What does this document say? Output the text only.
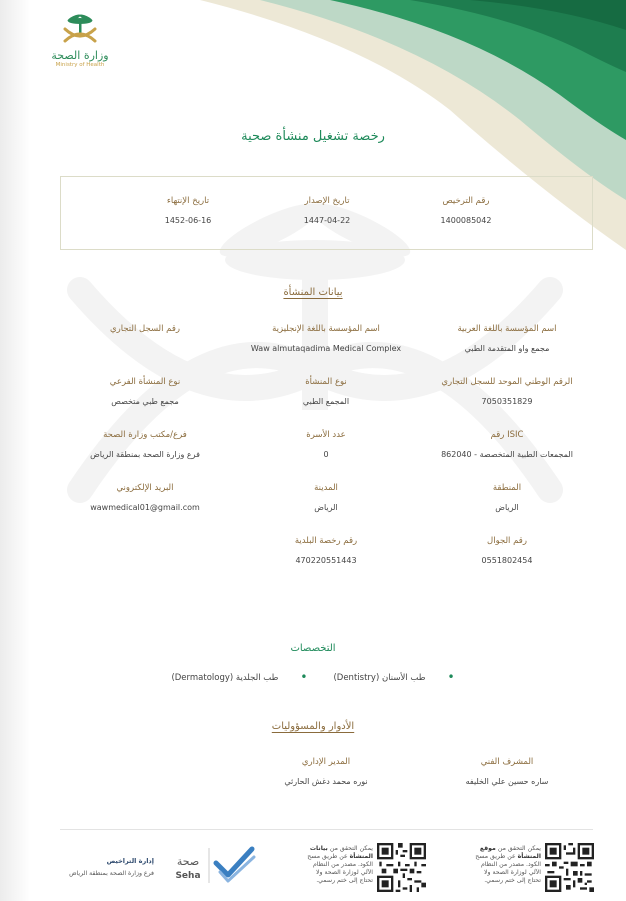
وزارة الصحة
Ministry of Health
رخصة تشغيل منشأة صحية
رقم الترخيص
1400085042
تاريخ الإصدار
1447-04-22
تاريخ الإنتهاء
1452-06-16
بيانات المنشأة
اسم المؤسسة باللغة العربية
مجمع واو المتقدمة الطبي
اسم المؤسسة باللغة الإنجليزية
Waw almutaqadima Medical Complex
رقم السجل التجاري
الرقم الوطني الموحد للسجل التجاري
7050351829
نوع المنشأة
المجمع الطبي
نوع المنشأة الفرعي
مجمع طبي متخصص
رقم ISIC
862040 - المجمعات الطبية المتخصصة
عدد الأسرة
0
فرع/مكتب وزارة الصحة
فرع وزارة الصحة بمنطقة الرياض
المنطقة
الرياض
المدينة
الرياض
البريد الإلكتروني
wawmedical01@gmail.com
رقم الجوال
0551802454
رقم رخصة البلدية
470220551443
التخصصات
• طب الأسنان (Dentistry)
• طب الجلدية (Dermatology)
الأدوار والمسؤوليات
المشرف الفني
ساره حسين علي الخليفه
المدير الإداري
نوره محمد دغش الحارثي
يمكن التحقق من موقع المنشأة عن طريق مسح الكود. مصدر من النظام الآلي لوزارة الصحة ولا تحتاج إلى ختم رسمي.
يمكن التحقق من بيانات المنشأة عن طريق مسح الكود. مصدر من النظام الآلي لوزارة الصحة ولا تحتاج إلى ختم رسمي.
صحة
Seha
إدارة التراخيص
فرع وزارة الصحة بمنطقة الرياض
